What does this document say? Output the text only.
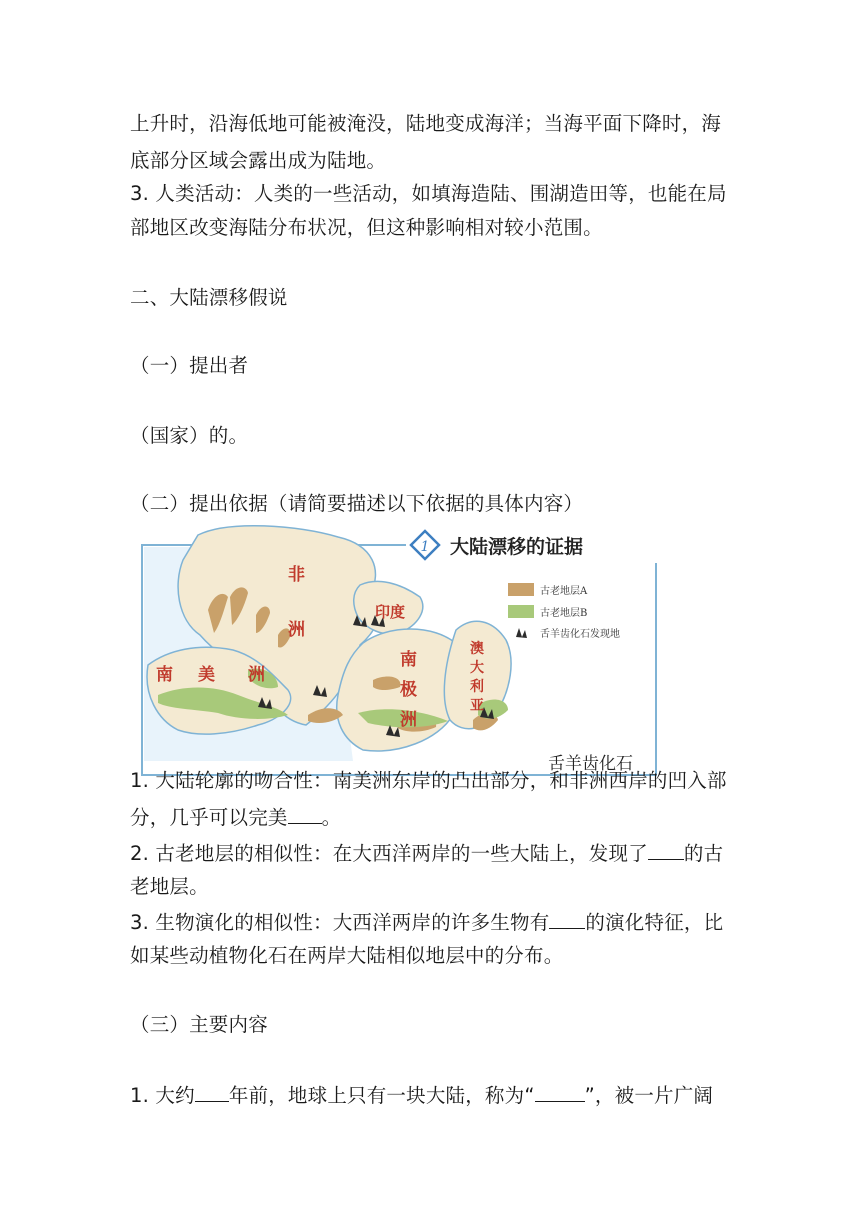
上升时，沿海低地可能被淹没，陆地变成海洋；当海平面下降时，海
底部分区域会露出成为陆地。
3. 人类活动：人类的一些活动，如填海造陆、围湖造田等，也能在局
部地区改变海陆分布状况，但这种影响相对较小范围。
二、大陆漂移假说
（一）提出者
（国家）的。
（二）提出依据（请简要描述以下依据的具体内容）
非
洲
南 美 洲
印度
南
极
洲
澳
大
利
亚
1 大陆漂移的证据
古老地层A
古老地层B
舌羊齿化石发现地
舌羊齿化石
1. 大陆轮廓的吻合性：南美洲东岸的凸出部分，和非洲西岸的凹入部
分，几乎可以完美 。
2. 古老地层的相似性：在大西洋两岸的一些大陆上，发现了 的古
老地层。
3. 生物演化的相似性：大西洋两岸的许多生物有 的演化特征，比
如某些动植物化石在两岸大陆相似地层中的分布。
（三）主要内容
1. 大约 年前，地球上只有一块大陆，称为“	”，被一片广阔
